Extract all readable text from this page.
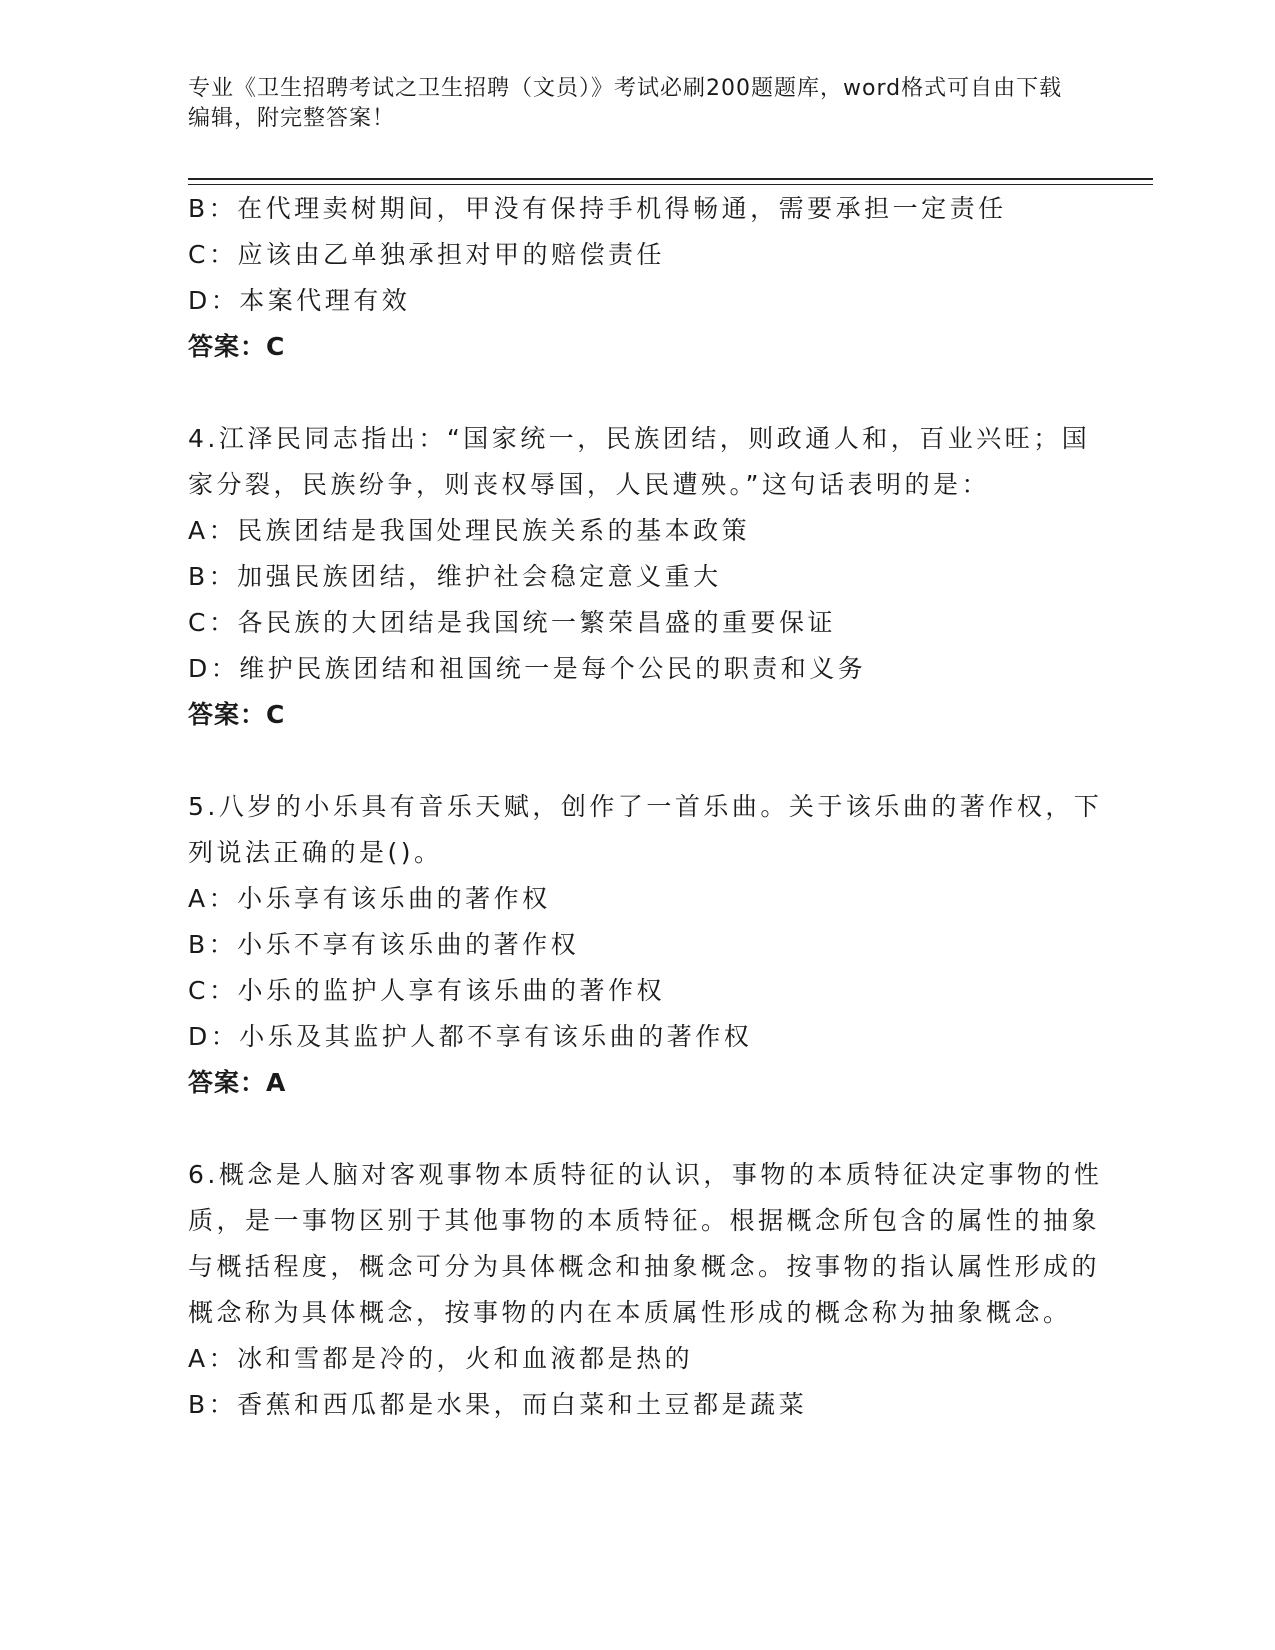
专业《卫生招聘考试之卫生招聘（文员）》考试必刷200题题库，word格式可自由下载编辑，附完整答案！

B：在代理卖树期间，甲没有保持手机得畅通，需要承担一定责任

C：应该由乙单独承担对甲的赔偿责任

D：本案代理有效

答案：C

4.江泽民同志指出：“国家统一，民族团结，则政通人和，百业兴旺；国家分裂，民族纷争，则丧权辱国，人民遭殃。”这句话表明的是：

A：民族团结是我国处理民族关系的基本政策

B：加强民族团结，维护社会稳定意义重大

C：各民族的大团结是我国统一繁荣昌盛的重要保证

D：维护民族团结和祖国统一是每个公民的职责和义务

答案：C

5.八岁的小乐具有音乐天赋，创作了一首乐曲。关于该乐曲的著作权，下列说法正确的是()。

A：小乐享有该乐曲的著作权

B：小乐不享有该乐曲的著作权

C：小乐的监护人享有该乐曲的著作权

D：小乐及其监护人都不享有该乐曲的著作权

答案：A

6.概念是人脑对客观事物本质特征的认识，事物的本质特征决定事物的性质，是一事物区别于其他事物的本质特征。根据概念所包含的属性的抽象与概括程度，概念可分为具体概念和抽象概念。按事物的指认属性形成的概念称为具体概念，按事物的内在本质属性形成的概念称为抽象概念。

A：冰和雪都是冷的，火和血液都是热的

B：香蕉和西瓜都是水果，而白菜和土豆都是蔬菜
